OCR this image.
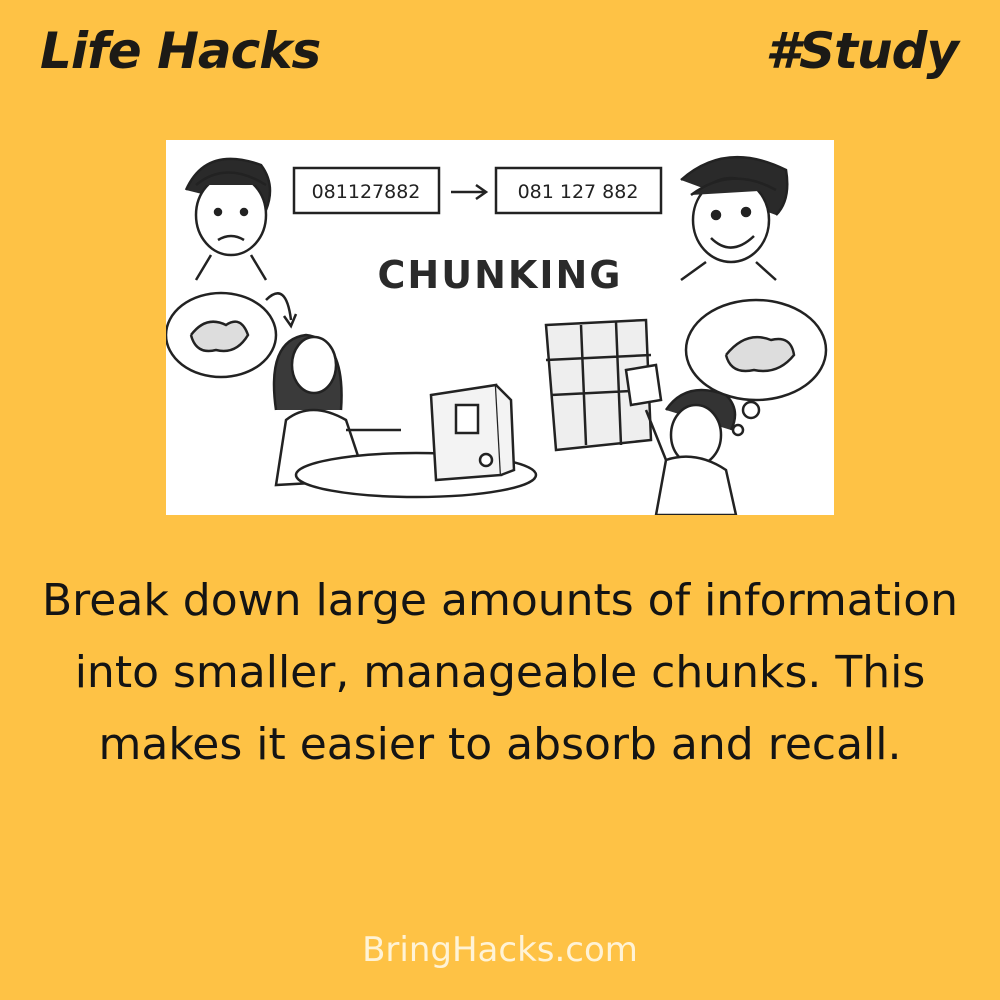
Life Hacks	#Study
081127882	081 127 882
CHUNKING
Break down large amounts of information into smaller, manageable chunks. This makes it easier to absorb and recall.
BringHacks.com
